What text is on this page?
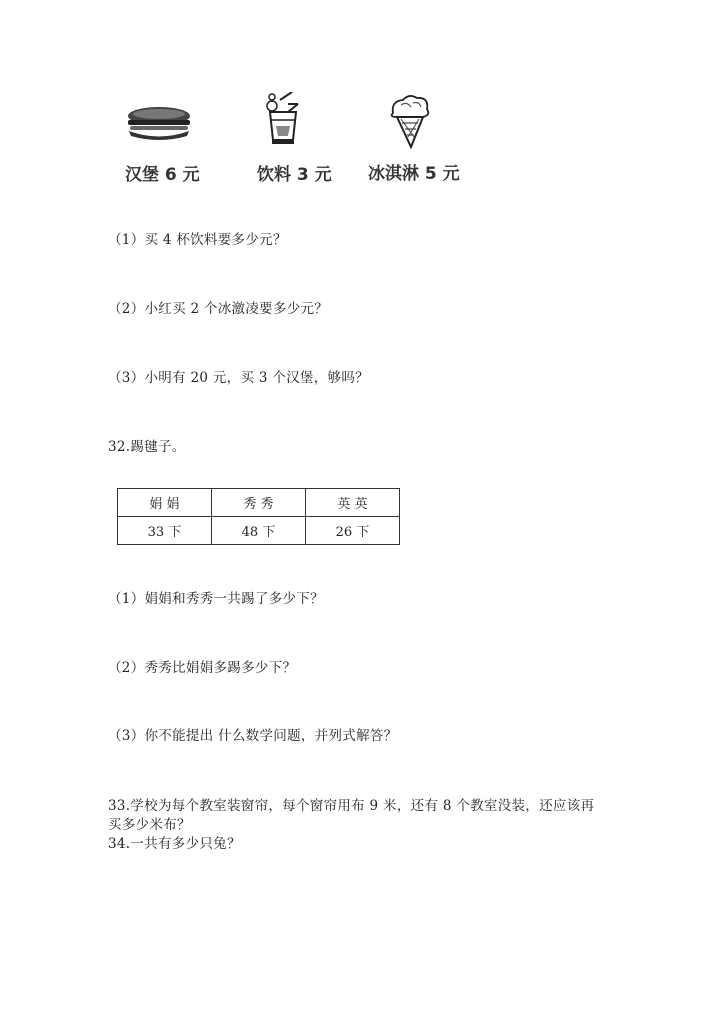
汉堡 6 元	饮料 3 元 冰淇淋 5 元
（1）买 4 杯饮料要多少元？
（2）小红买 2 个冰激凌要多少元？
（3）小明有 20 元，买 3 个汉堡，够吗？
32.踢毽子。
娟 娟	秀 秀	英 英
33 下	48 下	26 下
（1）娟娟和秀秀一共踢了多少下？
（2）秀秀比娟娟多踢多少下？
（3）你不能提出 什么数学问题，并列式解答？
33.学校为每个教室装窗帘，每个窗帘用布 9 米，还有 8 个教室没装，还应该再
买多少米布？
34.一共有多少只兔？
